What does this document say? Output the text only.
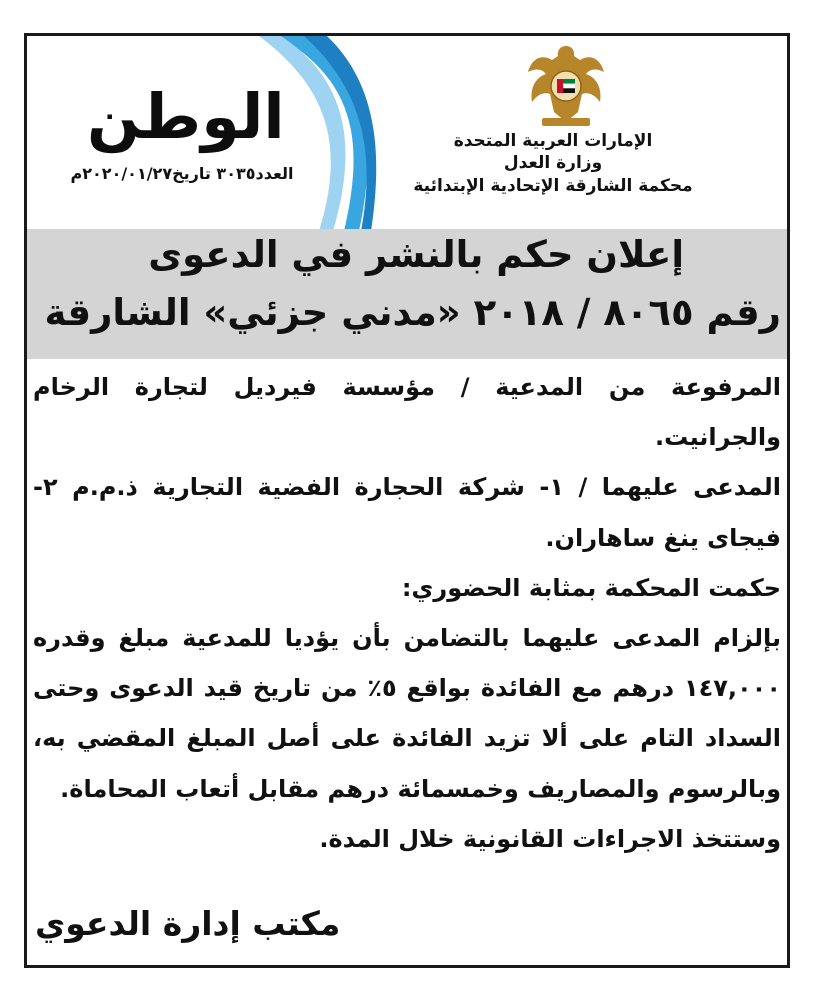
الوطن
العدد٣٠٣٥ تاريخ٢٠٢٠/٠١/٢٧م
الإمارات العربية المتحدة
وزارة العدل
محكمة الشارقة الإتحادية الإبتدائية
إعلان حكم بالنشر في الدعوى
رقم ٨٠٦٥ / ٢٠١٨ «مدني جزئي» الشارقة

المرفوعة من المدعية / مؤسسة فيرديل لتجارة الرخام والجرانيت.

المدعى عليهما / ١- شركة الحجارة الفضية التجارية ذ.م.م ٢- فيجاى ينغ ساهاران.

حكمت المحكمة بمثابة الحضوري:

بإلزام المدعى عليهما بالتضامن بأن يؤديا للمدعية مبلغ وقدره ١٤٧,٠٠٠ درهم مع الفائدة بواقع ٥٪ من تاريخ قيد الدعوى وحتى السداد التام على ألا تزيد الفائدة على أصل المبلغ المقضي به، وبالرسوم والمصاريف وخمسمائة درهم مقابل أتعاب المحاماة.

وستتخذ الاجراءات القانونية خلال المدة.

مكتب إدارة الدعوي
